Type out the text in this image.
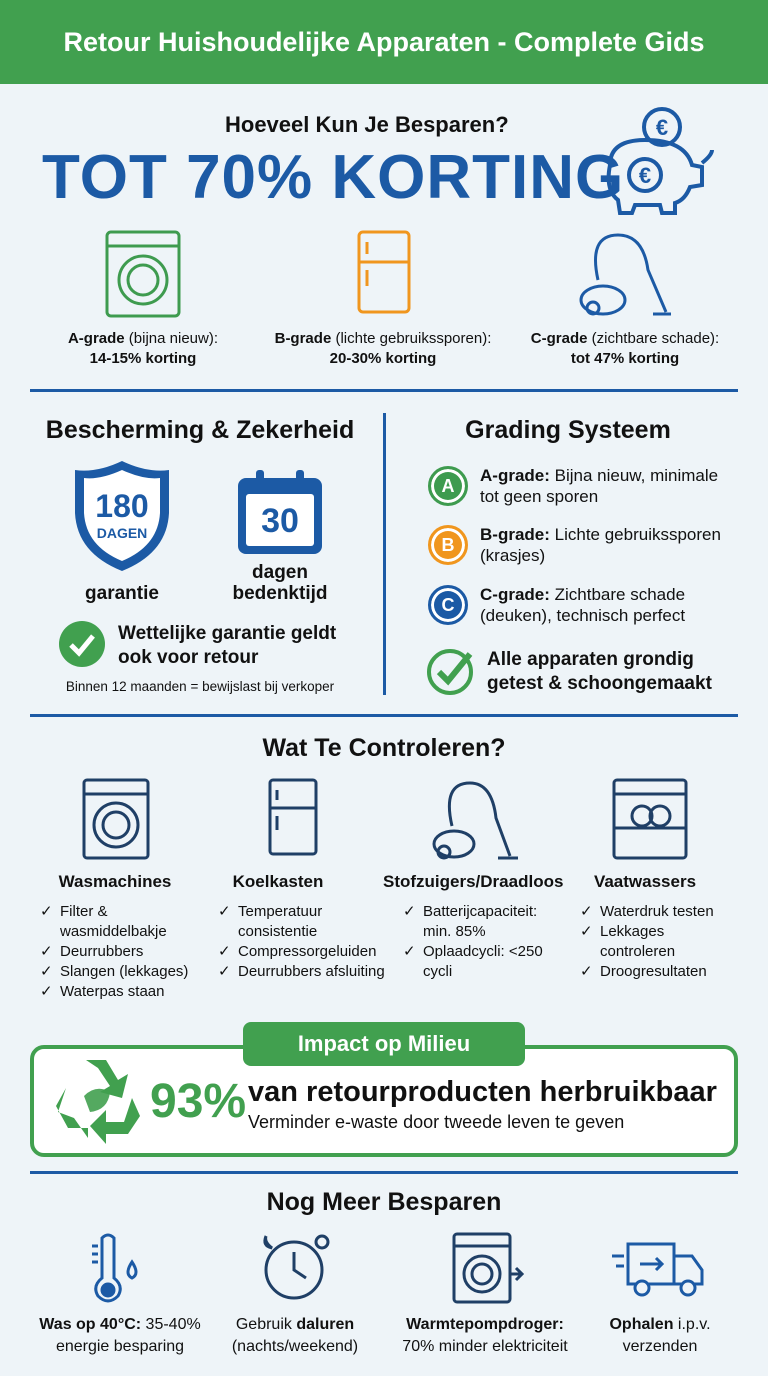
Retour Huishoudelijke Apparaten - Complete Gids
Hoeveel Kun Je Besparen?
TOT 70% KORTING
€
€
A-grade (bijna nieuw):
14-15% korting
B-grade (lichte gebruikssporen):
20-30% korting
C-grade (zichtbare schade):
tot 47% korting
Bescherming & Zekerheid
180
DAGEN	30
garantie
dagen
bedenktijd
Wettelijke garantie geldt
ook voor retour
Binnen 12 maanden = bewijslast bij verkoper
Grading Systeem
A	A-grade: Bijna nieuw, minimale tot geen sporen
B	B-grade: Lichte gebruikssporen (krasjes)
C	C-grade: Zichtbare schade (deuken), technisch perfect
Alle apparaten grondig getest & schoongemaakt
Wat Te Controleren?
Wasmachines
✓ Filter & wasmiddelbakje
✓ Deurrubbers
✓ Slangen (lekkages)
✓ Waterpas staan
Koelkasten
✓ Temperatuur consistentie
✓ Compressorgeluiden
✓ Deurrubbers afsluiting
Stofzuigers/Draadloos
✓ Batterijcapaciteit: min. 85%
✓ Oplaadcycli: <250 cycli
Vaatwassers
✓ Waterdruk testen
✓ Lekkages controleren
✓ Droogresultaten
Impact op Milieu
93% van retourproducten herbruikbaar
Verminder e-waste door tweede leven te geven
Nog Meer Besparen
Was op 40°C: 35-40%
energie besparing
Gebruik daluren
(nachts/weekend)
Warmtepompdroger:
70% minder elektriciteit
Ophalen i.p.v.
verzenden
